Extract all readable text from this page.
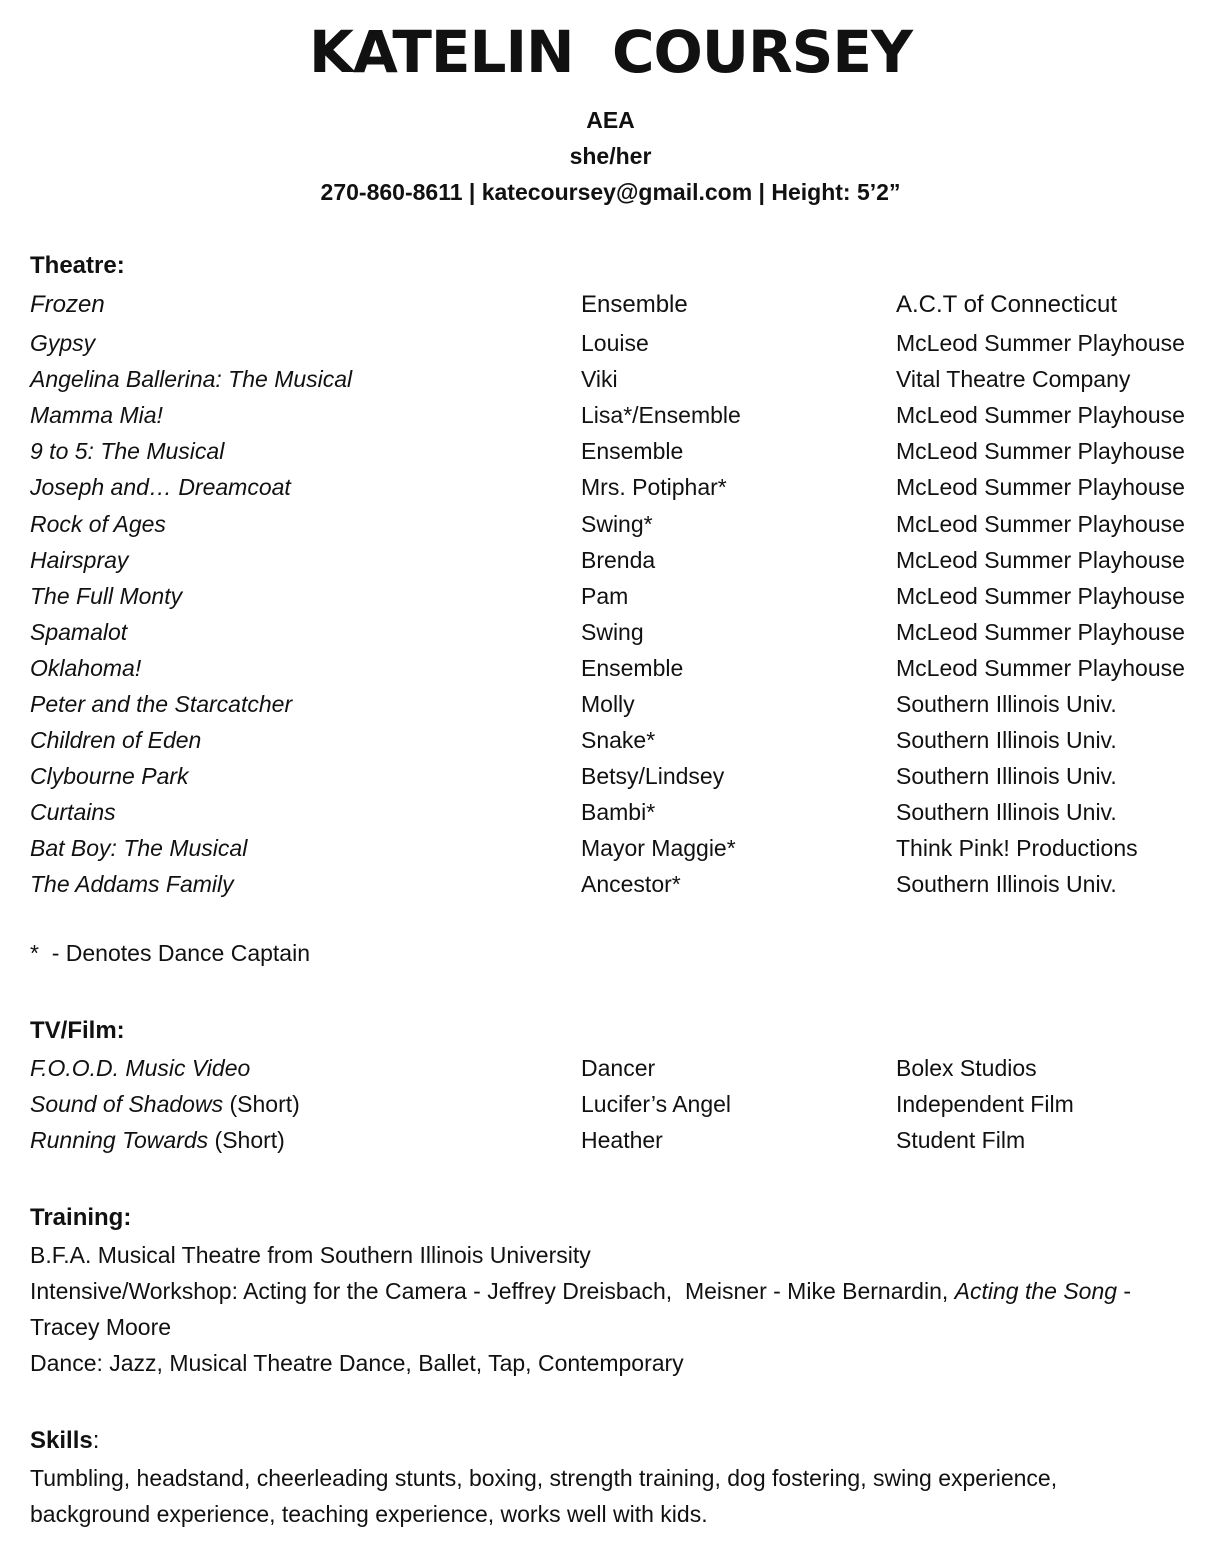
KATELIN  COURSEY
AEA
she/her
270-860-8611 | katecoursey@gmail.com | Height: 5’2”
Theatre:
Frozen	Ensemble	A.C.T of Connecticut
Gypsy	Louise	McLeod Summer Playhouse
Angelina Ballerina: The Musical	Viki	Vital Theatre Company
Mamma Mia!	Lisa*/Ensemble	McLeod Summer Playhouse
9 to 5: The Musical	Ensemble	McLeod Summer Playhouse
Joseph and… Dreamcoat	Mrs. Potiphar*	McLeod Summer Playhouse
Rock of Ages	Swing*	McLeod Summer Playhouse
Hairspray	Brenda	McLeod Summer Playhouse
The Full Monty	Pam	McLeod Summer Playhouse
Spamalot	Swing	McLeod Summer Playhouse
Oklahoma!	Ensemble	McLeod Summer Playhouse
Peter and the Starcatcher	Molly	Southern Illinois Univ.
Children of Eden	Snake*	Southern Illinois Univ.
Clybourne Park	Betsy/Lindsey	Southern Illinois Univ.
Curtains	Bambi*	Southern Illinois Univ.
Bat Boy: The Musical	Mayor Maggie*	Think Pink! Productions
The Addams Family	Ancestor*	Southern Illinois Univ.
*  - Denotes Dance Captain
TV/Film:
F.O.O.D. Music Video	Dancer	Bolex Studios
Sound of Shadows (Short)	Lucifer’s Angel	Independent Film
Running Towards (Short)	Heather	Student Film
Training:
B.F.A. Musical Theatre from Southern Illinois University
Intensive/Workshop: Acting for the Camera - Jeffrey Dreisbach,  Meisner - Mike Bernardin, Acting the Song -
Tracey Moore
Dance: Jazz, Musical Theatre Dance, Ballet, Tap, Contemporary
Skills:
Tumbling, headstand, cheerleading stunts, boxing, strength training, dog fostering, swing experience,
background experience, teaching experience, works well with kids.
